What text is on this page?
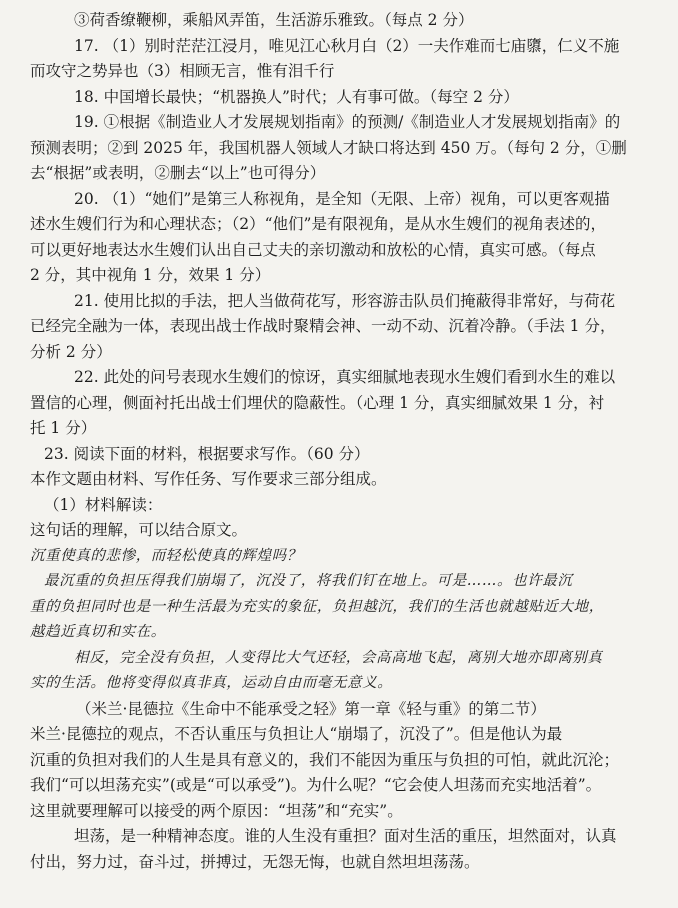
③荷香缭鞭柳，乘船风弄笛，生活游乐雅致。（每点 2 分）
17. （1）别时茫茫江浸月，唯见江心秋月白（2）一夫作难而七庙隳，仁义不施
而攻守之势异也（3）相顾无言，惟有泪千行
18. 中国增长最快；“机器换人”时代；人有事可做。（每空 2 分）
19. ①根据《制造业人才发展规划指南》的预测/《制造业人才发展规划指南》的
预测表明；②到 2025 年，我国机器人领域人才缺口将达到 450 万。（每句 2 分，①删
去“根据”或表明，②删去“以上”也可得分）
20. （1）“她们”是第三人称视角，是全知（无限、上帝）视角，可以更客观描
述水生嫂们行为和心理状态；（2）“他们”是有限视角，是从水生嫂们的视角表述的，
可以更好地表达水生嫂们认出自己丈夫的亲切激动和放松的心情，真实可感。（每点
2 分，其中视角 1 分，效果 1 分）
21. 使用比拟的手法，把人当做荷花写，形容游击队员们掩蔽得非常好，与荷花
已经完全融为一体，表现出战士作战时聚精会神、一动不动、沉着冷静。（手法 1 分，
分析 2 分）
22. 此处的问号表现水生嫂们的惊讶，真实细腻地表现水生嫂们看到水生的难以
置信的心理，侧面衬托出战士们埋伏的隐蔽性。（心理 1 分，真实细腻效果 1 分，衬
托 1 分）
23. 阅读下面的材料，根据要求写作。（60 分）
本作文题由材料、写作任务、写作要求三部分组成。
（1）材料解读：
这句话的理解，可以结合原文。
沉重使真的悲惨，而轻松使真的辉煌吗？
最沉重的负担压得我们崩塌了，沉没了，将我们钉在地上。可是……。也许最沉
重的负担同时也是一种生活最为充实的象征，负担越沉，我们的生活也就越贴近大地，
越趋近真切和实在。
相反，完全没有负担，人变得比大气还轻，会高高地飞起，离别大地亦即离别真
实的生活。他将变得似真非真，运动自由而毫无意义。
（米兰·昆德拉《生命中不能承受之轻》第一章《轻与重》的第二节）
米兰·昆德拉的观点，不否认重压与负担让人“崩塌了，沉没了”。但是他认为最
沉重的负担对我们的人生是具有意义的，我们不能因为重压与负担的可怕，就此沉沦；
我们“可以坦荡充实”(或是“可以承受”)。为什么呢？“它会使人坦荡而充实地活着”。
这里就要理解可以接受的两个原因：“坦荡”和“充实”。
坦荡，是一种精神态度。谁的人生没有重担？面对生活的重压，坦然面对，认真
付出，努力过，奋斗过，拼搏过，无怨无悔，也就自然坦坦荡荡。
